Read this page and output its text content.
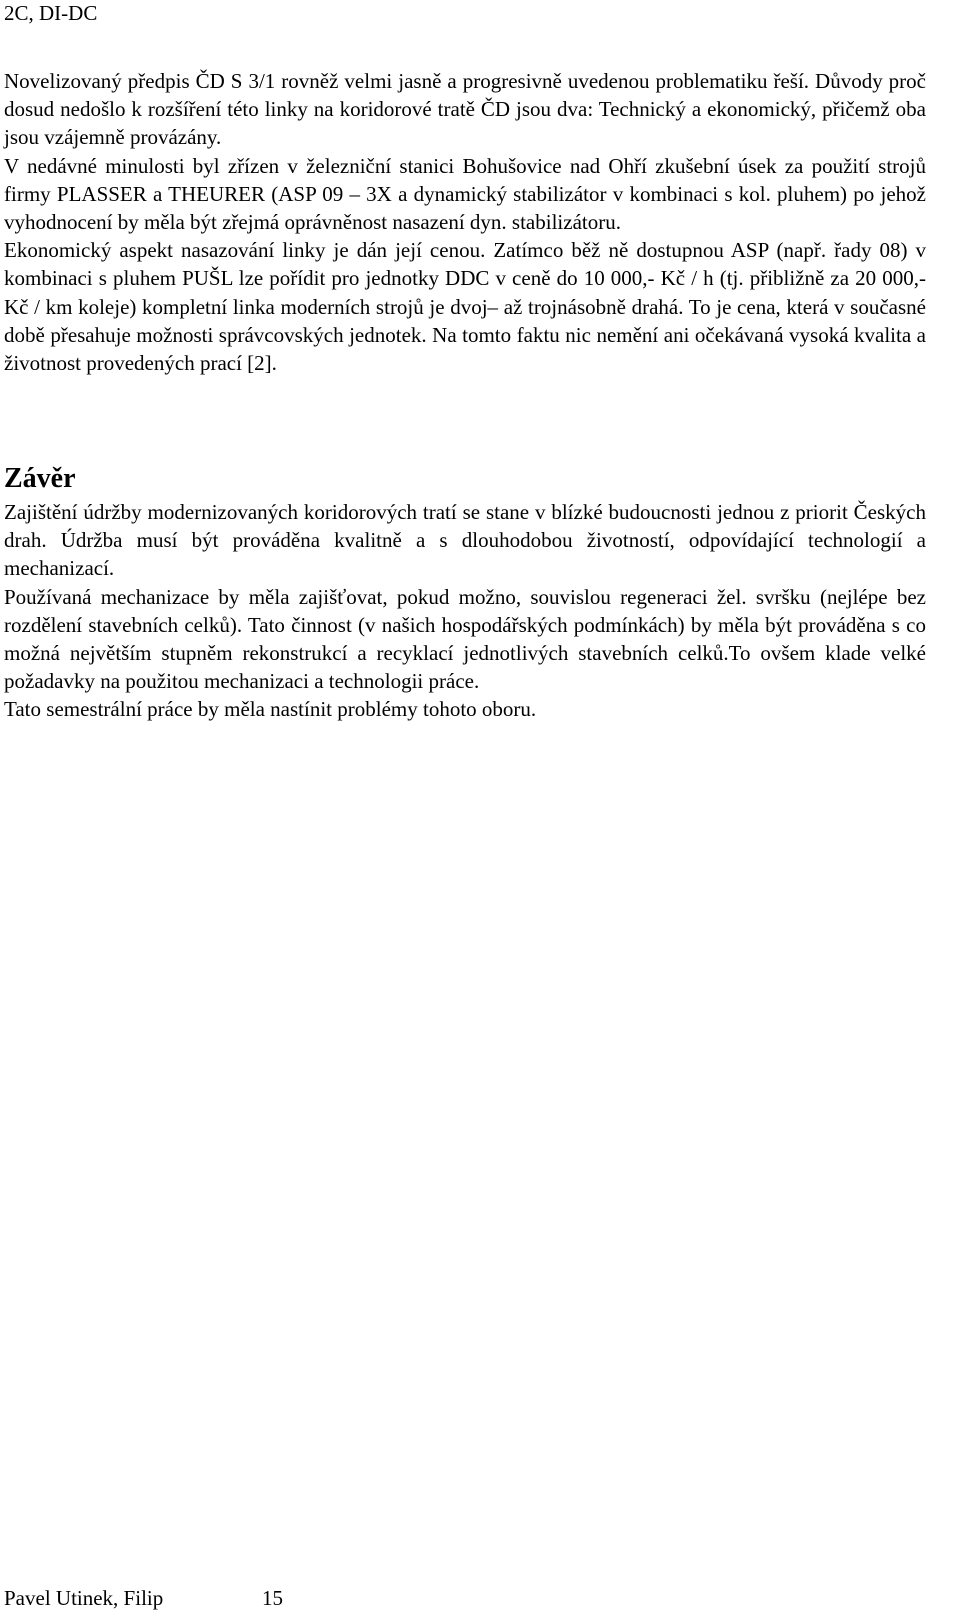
2C, DI-DC

Novelizovaný předpis ČD S 3/1 rovněž velmi jasně a progresivně uvedenou problematiku řeší. Důvody proč dosud nedošlo k rozšíření této linky na koridorové tratě ČD jsou dva: Technický a ekonomický, přičemž oba jsou vzájemně provázány.

V nedávné minulosti byl zřízen v železniční stanici Bohušovice nad Ohří zkušební úsek za použití strojů firmy PLASSER a THEURER (ASP 09 – 3X a dynamický stabilizátor v kombinaci s kol. pluhem) po jehož vyhodnocení by měla být zřejmá oprávněnost nasazení dyn. stabilizátoru.

Ekonomický aspekt nasazování linky je dán její cenou. Zatímco běž ně dostupnou ASP (např. řady 08) v kombinaci s pluhem PUŠL lze pořídit pro jednotky DDC v ceně do 10 000,- Kč / h (tj. přibližně za 20 000,- Kč / km koleje) kompletní linka moderních strojů je dvoj– až trojnásobně drahá. To je cena, která v současné době přesahuje možnosti správcovských jednotek. Na tomto faktu nic nemění ani očekávaná vysoká kvalita a životnost provedených prací [2].

Závěr

Zajištění údržby modernizovaných koridorových tratí se stane v blízké budoucnosti jednou z priorit Českých drah. Údržba musí být prováděna kvalitně a s dlouhodobou životností, odpovídající technologií a mechanizací.

Používaná mechanizace by měla zajišťovat, pokud možno, souvislou regeneraci žel. svršku (nejlépe bez rozdělení stavebních celků). Tato činnost (v našich hospodářských podmínkách) by měla být prováděna s co možná největším stupněm rekonstrukcí a recyklací jednotlivých stavebních celků.To ovšem klade velké požadavky na použitou mechanizaci a technologii práce.

Tato semestrální práce by měla nastínit problémy tohoto oboru.

Pavel Utinek, Filip	15
